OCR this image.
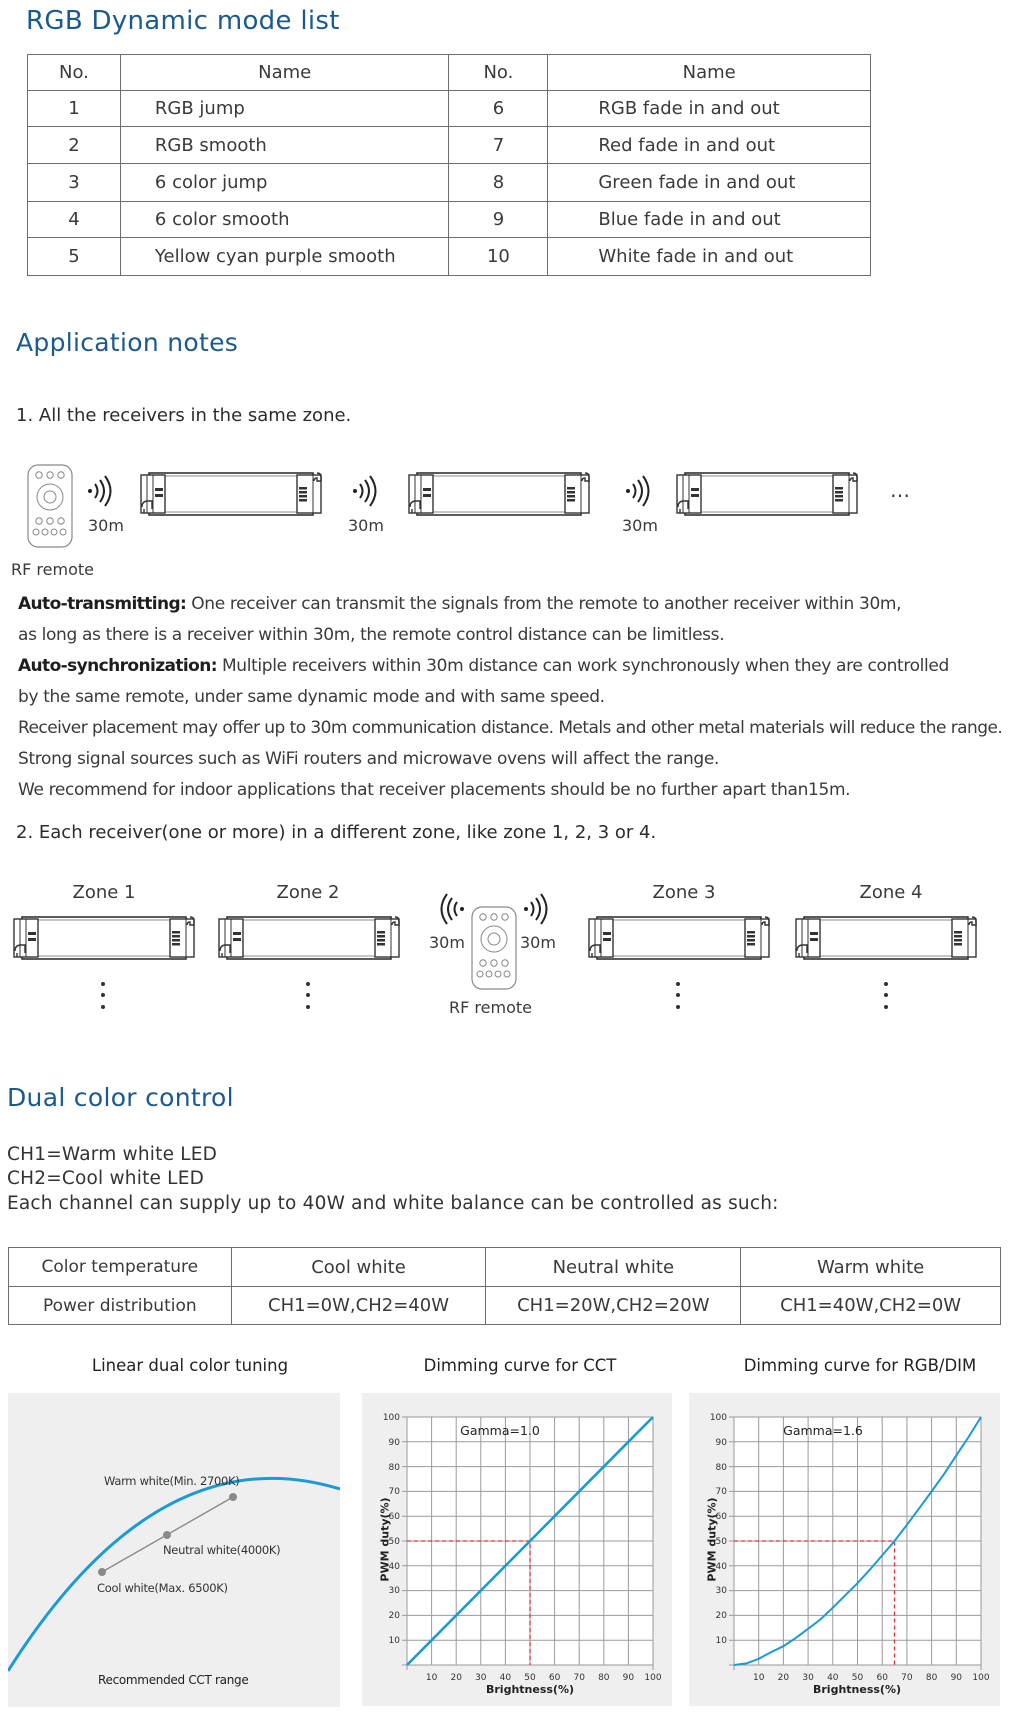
RGB Dynamic mode list
No.	Name	No.	Name
1	RGB jump	6	RGB fade in and out
2	RGB smooth	7	Red fade in and out
3	6 color jump	8	Green fade in and out
4	6 color smooth	9	Blue fade in and out
5	Yellow cyan purple smooth	10	White fade in and out
Application notes
1. All the receivers in the same zone.
30m	30m	30m
…
RF remote
Auto-transmitting: One receiver can transmit the signals from the remote to another receiver within 30m,
as long as there is a receiver within 30m, the remote control distance can be limitless.
Auto-synchronization: Multiple receivers within 30m distance can work synchronously when they are controlled
by the same remote, under same dynamic mode and with same speed.
Receiver placement may offer up to 30m communication distance. Metals and other metal materials will reduce the range.
Strong signal sources such as WiFi routers and microwave ovens will affect the range.
We recommend for indoor applications that receiver placements should be no further apart than15m.
2. Each receiver(one or more) in a different zone, like zone 1, 2, 3 or 4.
Zone 1	Zone 2	Zone 3	Zone 4
30m	30m
RF remote
Dual color control
CH1=Warm white LED
CH2=Cool white LED
Each channel can supply up to 40W and white balance can be controlled as such:
Color temperature	Cool white	Neutral white	Warm white
Power distribution	CH1=0W,CH2=40W	CH1=20W,CH2=20W	CH1=40W,CH2=0W
Linear dual color tuning	Dimming curve for CCT	Dimming curve for RGB/DIM
Warm white(Min. 2700K)
Neutral white(4000K)
Cool white(Max. 6500K)
Recommended CCT range
100
90
80
70
60
50
40
30
20
10
10 20 30 40 50 60 70 80 90 100
Gamma=1.0
PWM duty(%)
Brightness(%)
100
90
80
70
60
50
40
30
20
10
10 20 30 40 50 60 70 80 90 100
Gamma=1.6
PWM duty(%)
Brightness(%)
